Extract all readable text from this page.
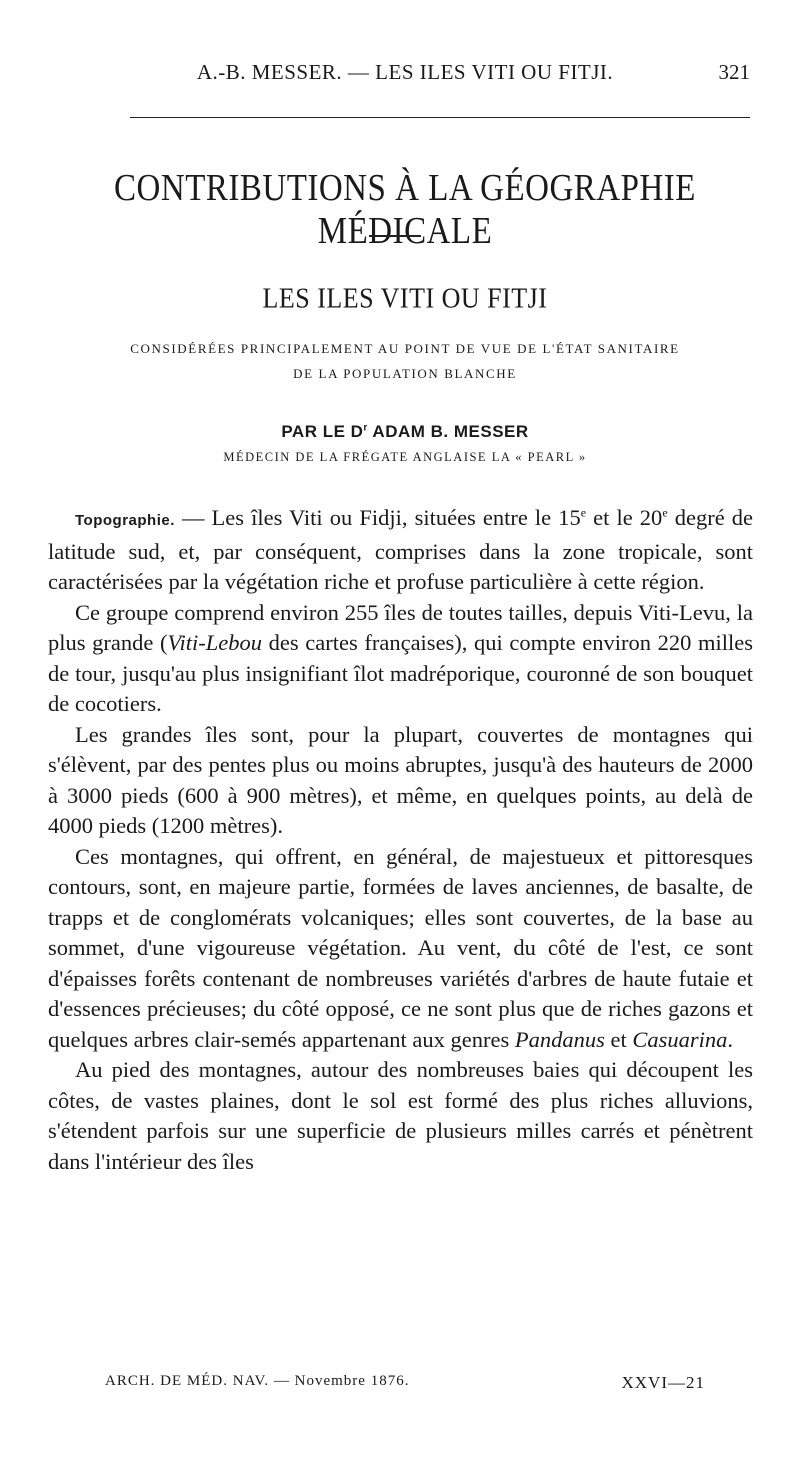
A.-B. MESSER. — LES ILES VITI OU FITJI.	321
CONTRIBUTIONS À LA GÉOGRAPHIE MÉDICALE
LES ILES VITI OU FITJI
CONSIDÉRÉES PRINCIPALEMENT AU POINT DE VUE DE L'ÉTAT SANITAIRE
DE LA POPULATION BLANCHE
PAR LE $D^r$ ADAM B. MESSER
MÉDECIN DE LA FRÉGATE ANGLAISE LA « PEARL »

Topographie. — Les îles Viti ou Fidji, situées entre le 15e et le 20e degré de latitude sud, et, par conséquent, comprises dans la zone tropicale, sont caractérisées par la végétation riche et profuse particulière à cette région.

Ce groupe comprend environ 255 îles de toutes tailles, depuis Viti-Levu, la plus grande (Viti-Lebou des cartes françaises), qui compte environ 220 milles de tour, jusqu'au plus insignifiant îlot madréporique, couronné de son bouquet de cocotiers.

Les grandes îles sont, pour la plupart, couvertes de montagnes qui s'élèvent, par des pentes plus ou moins abruptes, jusqu'à des hauteurs de 2000 à 3000 pieds (600 à 900 mètres), et même, en quelques points, au delà de 4000 pieds (1200 mètres).

Ces montagnes, qui offrent, en général, de majestueux et pittoresques contours, sont, en majeure partie, formées de laves anciennes, de basalte, de trapps et de conglomérats volcaniques; elles sont couvertes, de la base au sommet, d'une vigoureuse végétation. Au vent, du côté de l'est, ce sont d'épaisses forêts contenant de nombreuses variétés d'arbres de haute futaie et d'essences précieuses; du côté opposé, ce ne sont plus que de riches gazons et quelques arbres clair-semés appartenant aux genres Pandanus et Casuarina.

Au pied des montagnes, autour des nombreuses baies qui découpent les côtes, de vastes plaines, dont le sol est formé des plus riches alluvions, s'étendent parfois sur une superficie de plusieurs milles carrés et pénètrent dans l'intérieur des îles

ARCH. DE MÉD. NAV. — Novembre 1876.	XXVI—21
